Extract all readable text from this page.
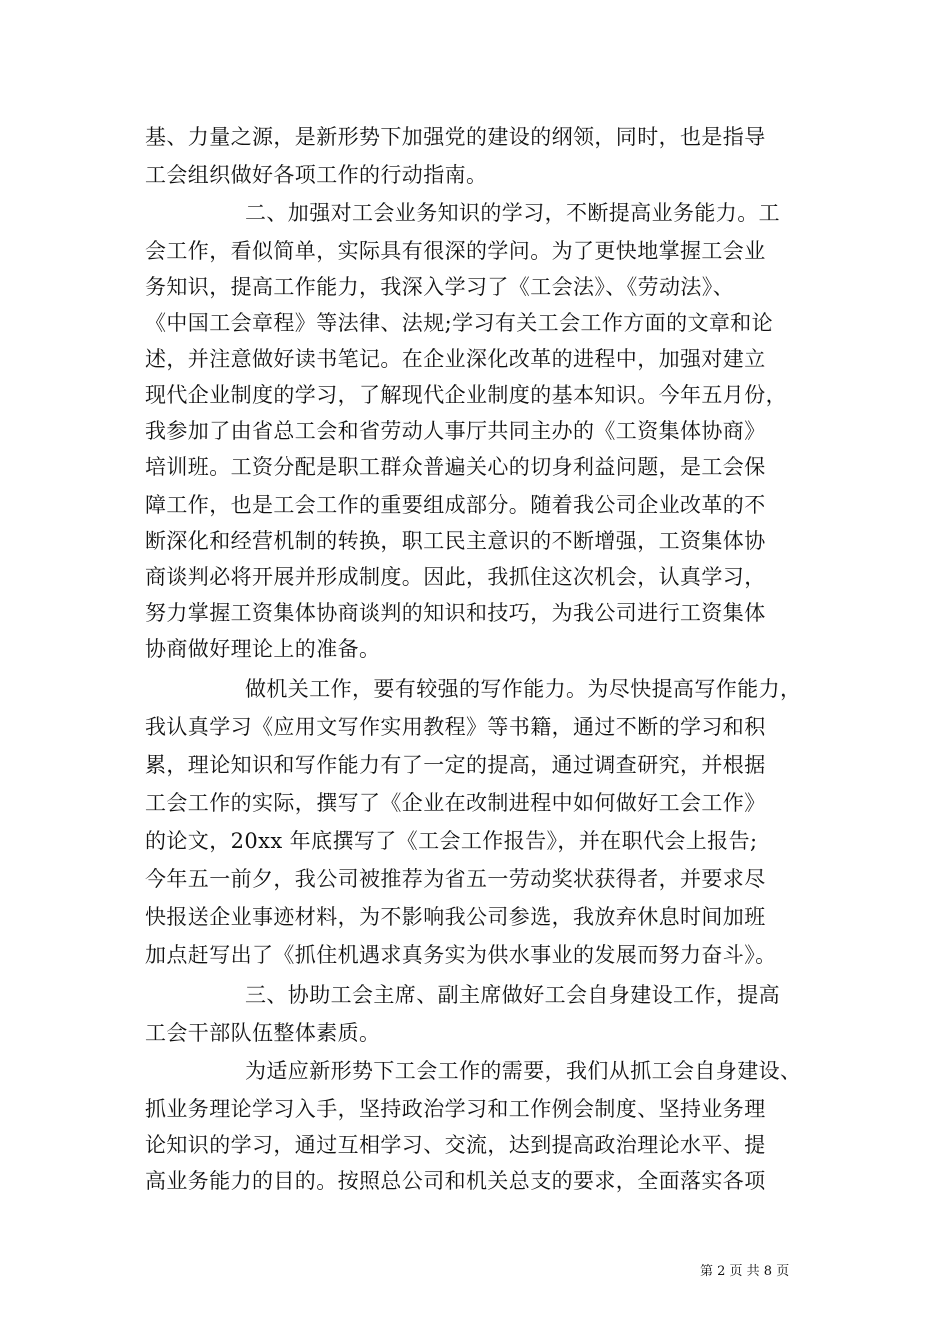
基、力量之源，是新形势下加强党的建设的纲领，同时，也是指导
工会组织做好各项工作的行动指南。
二、加强对工会业务知识的学习，不断提高业务能力。工
会工作，看似简单，实际具有很深的学问。为了更快地掌握工会业
务知识，提高工作能力，我深入学习了《工会法》、《劳动法》、
《中国工会章程》等法律、法规;学习有关工会工作方面的文章和论
述，并注意做好读书笔记。在企业深化改革的进程中，加强对建立
现代企业制度的学习，了解现代企业制度的基本知识。今年五月份，
我参加了由省总工会和省劳动人事厅共同主办的《工资集体协商》
培训班。工资分配是职工群众普遍关心的切身利益问题，是工会保
障工作，也是工会工作的重要组成部分。随着我公司企业改革的不
断深化和经营机制的转换，职工民主意识的不断增强，工资集体协
商谈判必将开展并形成制度。因此，我抓住这次机会，认真学习，
努力掌握工资集体协商谈判的知识和技巧，为我公司进行工资集体
协商做好理论上的准备。
做机关工作，要有较强的写作能力。为尽快提高写作能力，
我认真学习《应用文写作实用教程》等书籍，通过不断的学习和积
累，理论知识和写作能力有了一定的提高，通过调查研究，并根据
工会工作的实际，撰写了《企业在改制进程中如何做好工会工作》
的论文，20xx 年底撰写了《工会工作报告》，并在职代会上报告;
今年五一前夕，我公司被推荐为省五一劳动奖状获得者，并要求尽
快报送企业事迹材料，为不影响我公司参选，我放弃休息时间加班
加点赶写出了《抓住机遇求真务实为供水事业的发展而努力奋斗》。
三、协助工会主席、副主席做好工会自身建设工作，提高
工会干部队伍整体素质。
为适应新形势下工会工作的需要，我们从抓工会自身建设、
抓业务理论学习入手，坚持政治学习和工作例会制度、坚持业务理
论知识的学习，通过互相学习、交流，达到提高政治理论水平、提
高业务能力的目的。按照总公司和机关总支的要求，全面落实各项
第 2 页 共 8 页
